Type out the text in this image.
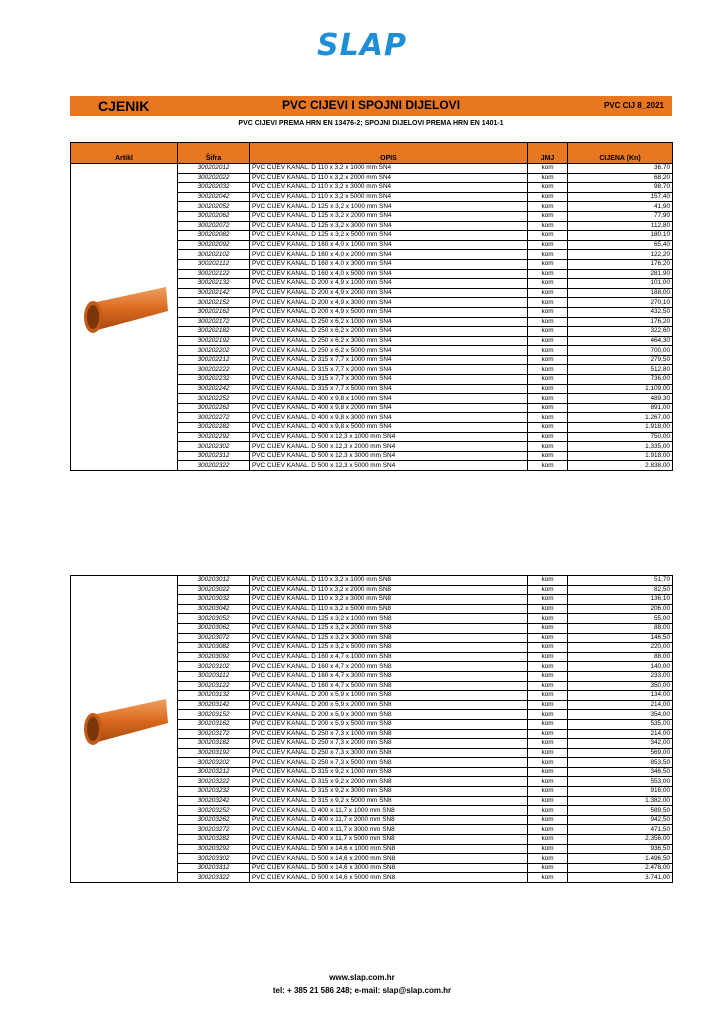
SLAP
PVC CIJEVI I SPOJNI DIJELOVI
CJENIK	PVC CIJ 8_2021
PVC CIJEVI PREMA HRN EN 13476-2; SPOJNI DIJELOVI PREMA HRN EN 1401-1
Artikl	Šifra	OPIS	JMJ	CIJENA (Kn)
	300202012	PVC CIJEV KANAL. D 110 x 3,2 x 1000 mm SN4	kom	36,70
	300202022	PVC CIJEV KANAL. D 110 x 3,2 x 2000 mm SN4	kom	68,20
	300202032	PVC CIJEV KANAL. D 110 x 3,2 x 3000 mm SN4	kom	98,70
	300202042	PVC CIJEV KANAL. D 110 x 3,2 x 5000 mm SN4	kom	157,40
	300202052	PVC CIJEV KANAL. D 125 x 3,2 x 1000 mm SN4	kom	41,90
	300202062	PVC CIJEV KANAL. D 125 x 3,2 x 2000 mm SN4	kom	77,90
	300202072	PVC CIJEV KANAL. D 125 x 3,2 x 3000 mm SN4	kom	112,80
	300202082	PVC CIJEV KANAL. D 125 x 3,2 x 5000 mm SN4	kom	180,10
	300202092	PVC CIJEV KANAL. D 160 x 4,0 x 1000 mm SN4	kom	65,40
	300202102	PVC CIJEV KANAL. D 160 x 4,0 x 2000 mm SN4	kom	122,20
	300202112	PVC CIJEV KANAL. D 160 x 4,0 x 3000 mm SN4	kom	176,20
	300202122	PVC CIJEV KANAL. D 160 x 4,0 x 5000 mm SN4	kom	281,90
	300202132	PVC CIJEV KANAL. D 200 x 4,9 x 1000 mm SN4	kom	101,00
	300202142	PVC CIJEV KANAL. D 200 x 4,9 x 2000 mm SN4	kom	188,00
	300202152	PVC CIJEV KANAL. D 200 x 4,9 x 3000 mm SN4	kom	270,10
	300202162	PVC CIJEV KANAL. D 200 x 4,9 x 5000 mm SN4	kom	432,50
	300202172	PVC CIJEV KANAL. D 250 x 6,2 x 1000 mm SN4	kom	176,20
	300202182	PVC CIJEV KANAL. D 250 x 6,2 x 2000 mm SN4	kom	322,60
	300202192	PVC CIJEV KANAL. D 250 x 6,2 x 3000 mm SN4	kom	464,30
	300202202	PVC CIJEV KANAL. D 250 x 6,2 x 5000 mm SN4	kom	700,00
	300202212	PVC CIJEV KANAL. D 315 x 7,7 x 1000 mm SN4	kom	279,50
	300202222	PVC CIJEV KANAL. D 315 x 7,7 x 2000 mm SN4	kom	512,80
	300202232	PVC CIJEV KANAL. D 315 x 7,7 x 3000 mm SN4	kom	736,00
	300202242	PVC CIJEV KANAL. D 315 x 7,7 x 5000 mm SN4	kom	1.109,00
	300202252	PVC CIJEV KANAL. D 400 x 9,8 x 1000 mm SN4	kom	489,30
	300202262	PVC CIJEV KANAL. D 400 x 9,8 x 2000 mm SN4	kom	891,00
	300202272	PVC CIJEV KANAL. D 400 x 9,8 x 3000 mm SN4	kom	1.267,00
	300202282	PVC CIJEV KANAL. D 400 x 9,8 x 5000 mm SN4	kom	1.918,00
	300202292	PVC CIJEV KANAL. D 500 x 12,3 x 1000 mm SN4	kom	750,00
	300202302	PVC CIJEV KANAL. D 500 x 12,3 x 2000 mm SN4	kom	1.335,00
	300202312	PVC CIJEV KANAL. D 500 x 12,3 x 3000 mm SN4	kom	1.918,00
	300202322	PVC CIJEV KANAL. D 500 x 12,3 x 5000 mm SN4	kom	2.838,00
	300203012	PVC CIJEV KANAL. D 110 x 3,2 x 1000 mm SN8	kom	51,70
	300203022	PVC CIJEV KANAL. D 110 x 3,2 x 2000 mm SN8	kom	82,50
	300203032	PVC CIJEV KANAL. D 110 x 3,2 x 3000 mm SN8	kom	136,10
	300203042	PVC CIJEV KANAL. D 110 x 3,2 x 5000 mm SN8	kom	206,00
	300203052	PVC CIJEV KANAL. D 125 x 3,2 x 1000 mm SN8	kom	55,00
	300203062	PVC CIJEV KANAL. D 125 x 3,2 x 2000 mm SN8	kom	88,00
	300203072	PVC CIJEV KANAL. D 125 x 3,2 x 3000 mm SN8	kom	146,50
	300203082	PVC CIJEV KANAL. D 125 x 3,2 x 5000 mm SN8	kom	220,00
	300203092	PVC CIJEV KANAL. D 160 x 4,7 x 1000 mm SN8	kom	88,00
	300203102	PVC CIJEV KANAL. D 160 x 4,7 x 2000 mm SN8	kom	140,00
	300203112	PVC CIJEV KANAL. D 160 x 4,7 x 3000 mm SN8	kom	233,00
	300203122	PVC CIJEV KANAL. D 160 x 4,7 x 5000 mm SN8	kom	350,00
	300203132	PVC CIJEV KANAL. D 200 x 5,9 x 1000 mm SN8	kom	134,00
	300203142	PVC CIJEV KANAL. D 200 x 5,9 x 2000 mm SN8	kom	214,00
	300203152	PVC CIJEV KANAL. D 200 x 5,9 x 3000 mm SN8	kom	354,00
	300203162	PVC CIJEV KANAL. D 200 x 5,9 x 5000 mm SN8	kom	535,00
	300203172	PVC CIJEV KANAL. D 250 x 7,3 x 1000 mm SN8	kom	214,00
	300203182	PVC CIJEV KANAL. D 250 x 7,3 x 2000 mm SN8	kom	342,00
	300203192	PVC CIJEV KANAL. D 250 x 7,3 x 3000 mm SN8	kom	569,00
	300203202	PVC CIJEV KANAL. D 250 x 7,3 x 5000 mm SN8	kom	853,50
	300203212	PVC CIJEV KANAL. D 315 x 9,2 x 1000 mm SN8	kom	346,50
	300203222	PVC CIJEV KANAL. D 315 x 9,2 x 2000 mm SN8	kom	553,00
	300203232	PVC CIJEV KANAL. D 315 x 9,2 x 3000 mm SN8	kom	916,00
	300203242	PVC CIJEV KANAL. D 315 x 9,2 x 5000 mm SN8	kom	1.382,00
	300203252	PVC CIJEV KANAL. D 400 x 11,7 x 1000 mm SN8	kom	589,50
	300203262	PVC CIJEV KANAL. D 400 x 11,7 x 2000 mm SN8	kom	942,50
	300203272	PVC CIJEV KANAL. D 400 x 11,7 x 3000 mm SN8	kom	471,50
	300203282	PVC CIJEV KANAL. D 400 x 11,7 x 5000 mm SN8	kom	2.356,00
	300203292	PVC CIJEV KANAL. D 500 x 14,6 x 1000 mm SN8	kom	936,50
	300203302	PVC CIJEV KANAL. D 500 x 14,6 x 2000 mm SN8	kom	1.496,50
	300203312	PVC CIJEV KANAL. D 500 x 14,6 x 3000 mm SN8	kom	2.478,00
	300203322	PVC CIJEV KANAL. D 500 x 14,6 x 5000 mm SN8	kom	3.741,00
www.slap.com.hr
tel: + 385 21 586 248; e-mail: slap@slap.com.hr
